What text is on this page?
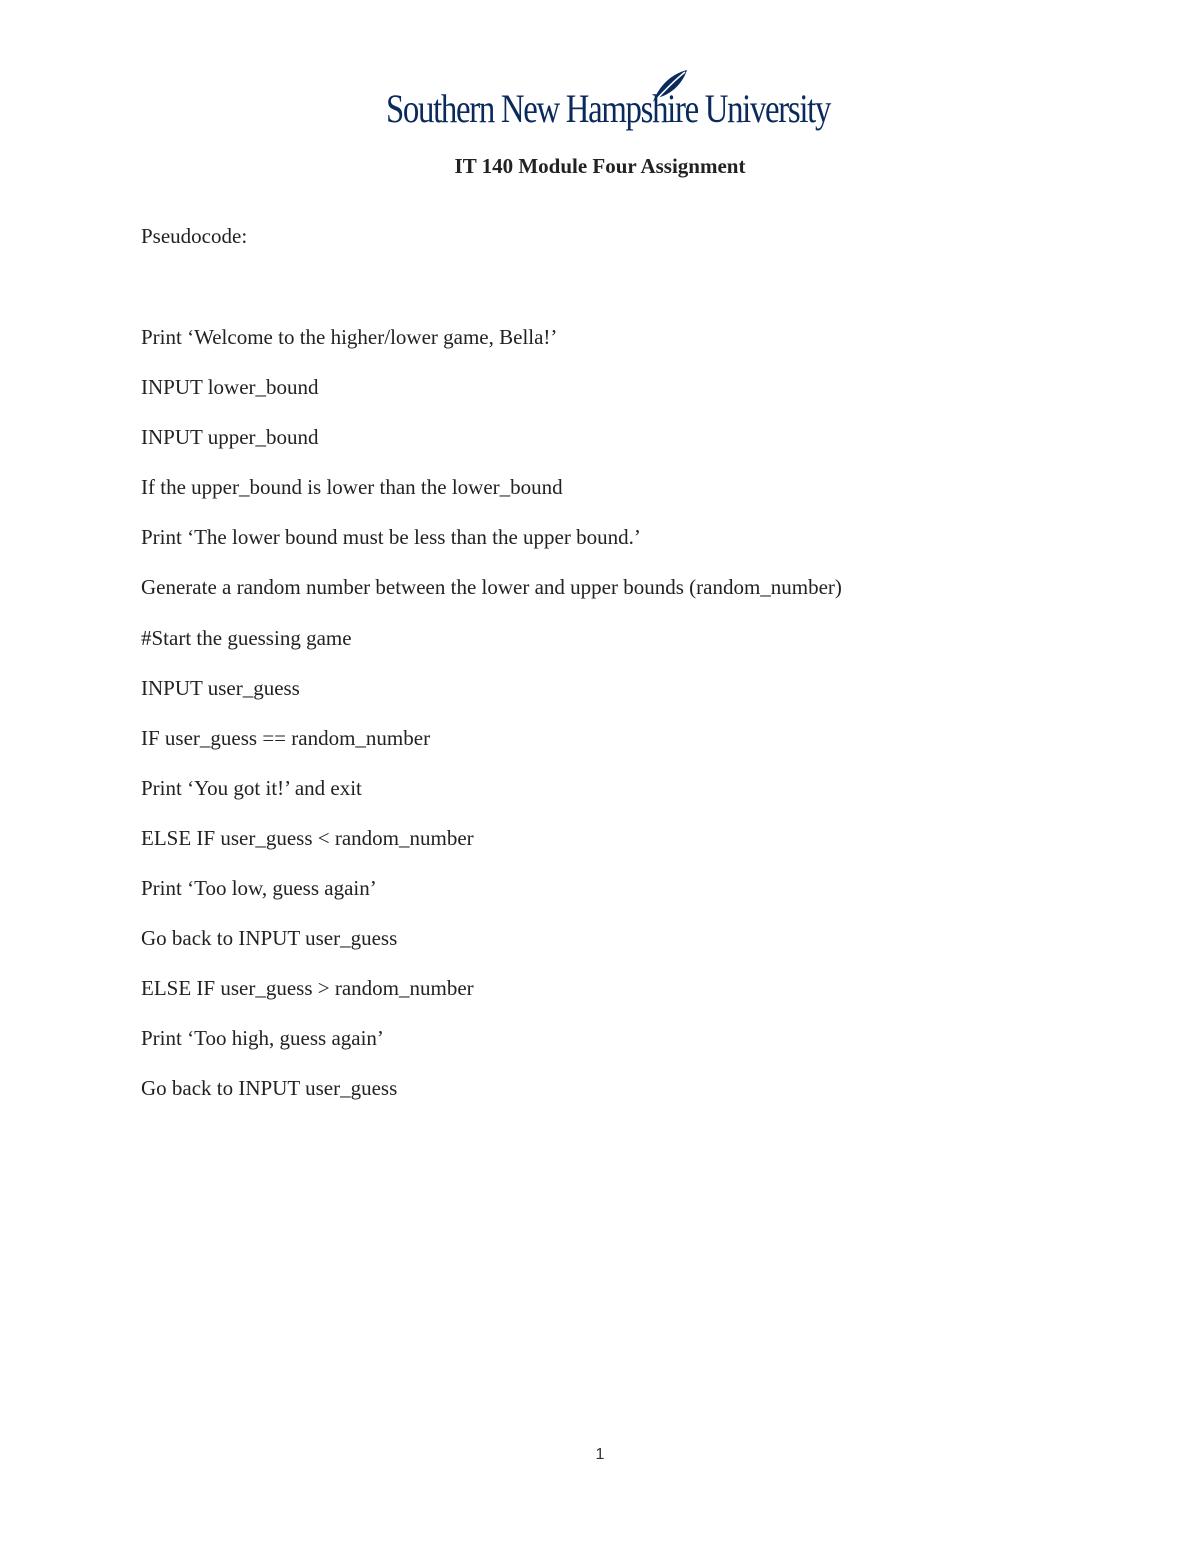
Southern New Hampshire University
IT 140 Module Four Assignment
Pseudocode:
Print ‘Welcome to the higher/lower game, Bella!’
INPUT lower_bound
INPUT upper_bound
If the upper_bound is lower than the lower_bound
Print ‘The lower bound must be less than the upper bound.’
Generate a random number between the lower and upper bounds (random_number)
#Start the guessing game
INPUT user_guess
IF user_guess == random_number
Print ‘You got it!’ and exit
ELSE IF user_guess < random_number
Print ‘Too low, guess again’
Go back to INPUT user_guess
ELSE IF user_guess > random_number
Print ‘Too high, guess again’
Go back to INPUT user_guess
1
